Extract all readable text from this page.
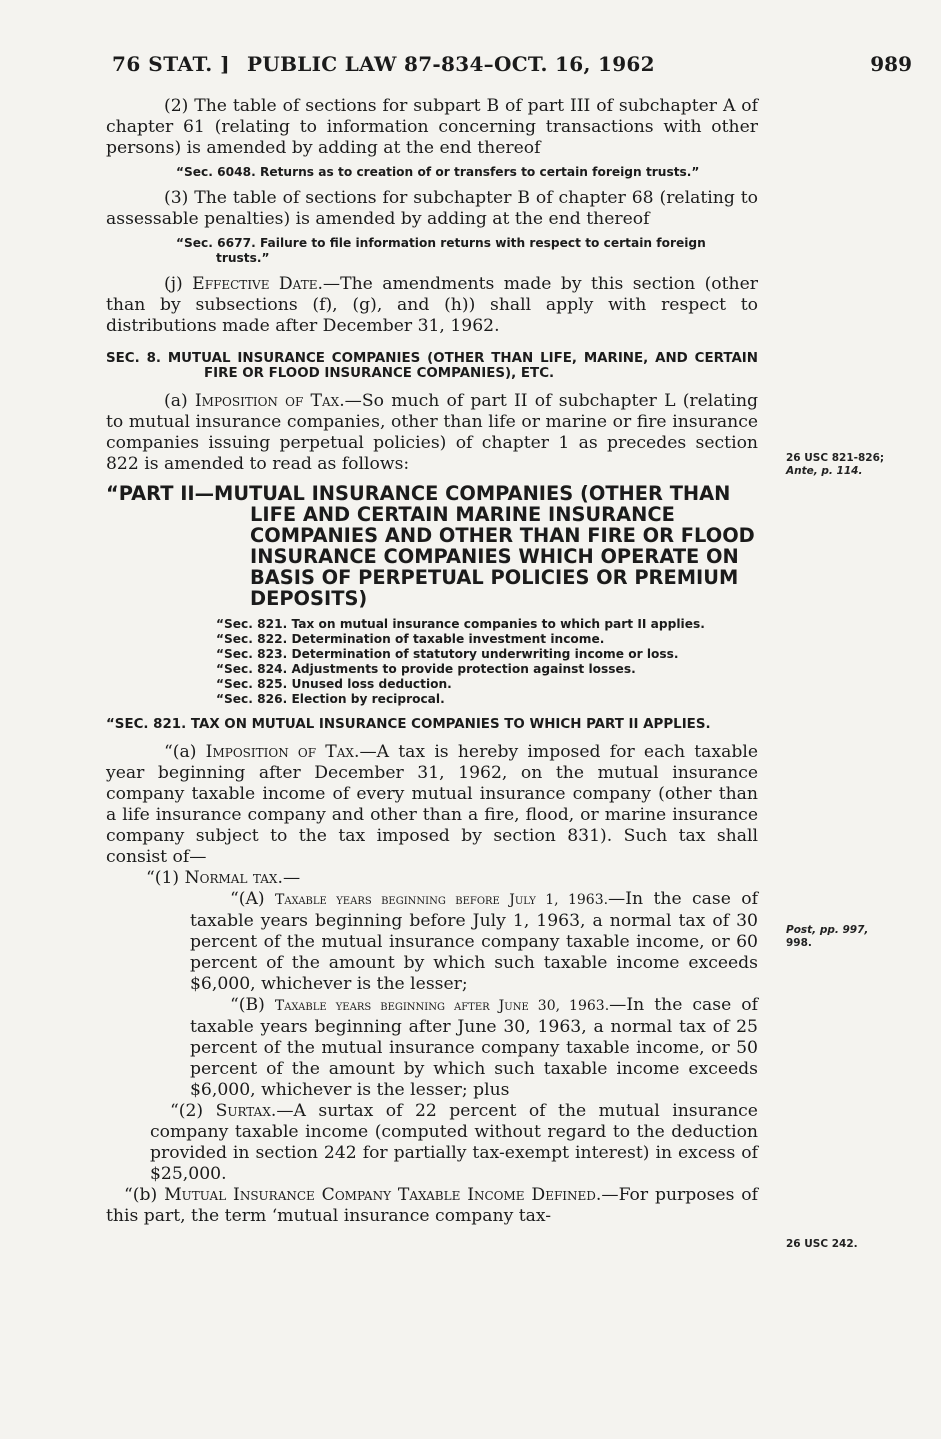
76 STAT. ] PUBLIC LAW 87-834–OCT. 16, 1962	989

(2) The table of sections for subpart B of part III of subchapter A of chapter 61 (relating to information concerning transactions with other persons) is amended by adding at the end thereof

“Sec. 6048. Returns as to creation of or transfers to certain foreign trusts.”

(3) The table of sections for subchapter B of chapter 68 (relating to assessable penalties) is amended by adding at the end thereof

“Sec. 6677. Failure to file information returns with respect to certain foreign trusts.”

(j) Effective Date.—The amendments made by this section (other than by subsections (f), (g), and (h)) shall apply with respect to distributions made after December 31, 1962.

SEC. 8. MUTUAL INSURANCE COMPANIES (OTHER THAN LIFE, MARINE, AND CERTAIN FIRE OR FLOOD INSURANCE COMPANIES), ETC.

(a) Imposition of Tax.—So much of part II of subchapter L (relating to mutual insurance companies, other than life or marine or fire insurance companies issuing perpetual policies) of chapter 1 as precedes section 822 is amended to read as follows:

“PART II—MUTUAL INSURANCE COMPANIES (OTHER THAN LIFE AND CERTAIN MARINE INSURANCE COMPANIES AND OTHER THAN FIRE OR FLOOD INSURANCE COMPANIES WHICH OPERATE ON BASIS OF PERPETUAL POLICIES OR PREMIUM DEPOSITS)

“Sec. 821. Tax on mutual insurance companies to which part II applies.

“Sec. 822. Determination of taxable investment income.

“Sec. 823. Determination of statutory underwriting income or loss.

“Sec. 824. Adjustments to provide protection against losses.

“Sec. 825. Unused loss deduction.

“Sec. 826. Election by reciprocal.

“SEC. 821. TAX ON MUTUAL INSURANCE COMPANIES TO WHICH PART II APPLIES.

“(a) Imposition of Tax.—A tax is hereby imposed for each taxable year beginning after December 31, 1962, on the mutual insurance company taxable income of every mutual insurance company (other than a life insurance company and other than a fire, flood, or marine insurance company subject to the tax imposed by section 831). Such tax shall consist of—

“(1) Normal tax.—

“(A) Taxable years beginning before July 1, 1963.—In the case of taxable years beginning before July 1, 1963, a normal tax of 30 percent of the mutual insurance company taxable income, or 60 percent of the amount by which such taxable income exceeds $6,000, whichever is the lesser;

“(B) Taxable years beginning after June 30, 1963.—In the case of taxable years beginning after June 30, 1963, a normal tax of 25 percent of the mutual insurance company taxable income, or 50 percent of the amount by which such taxable income exceeds $6,000, whichever is the lesser; plus

“(2) Surtax.—A surtax of 22 percent of the mutual insurance company taxable income (computed without regard to the deduction provided in section 242 for partially tax-exempt interest) in excess of $25,000.

“(b) Mutual Insurance Company Taxable Income Defined.—For purposes of this part, the term ‘mutual insurance company tax-

26 USC 821-826;
Ante, p. 114.
Post, pp. 997,
998.
26 USC 242.
